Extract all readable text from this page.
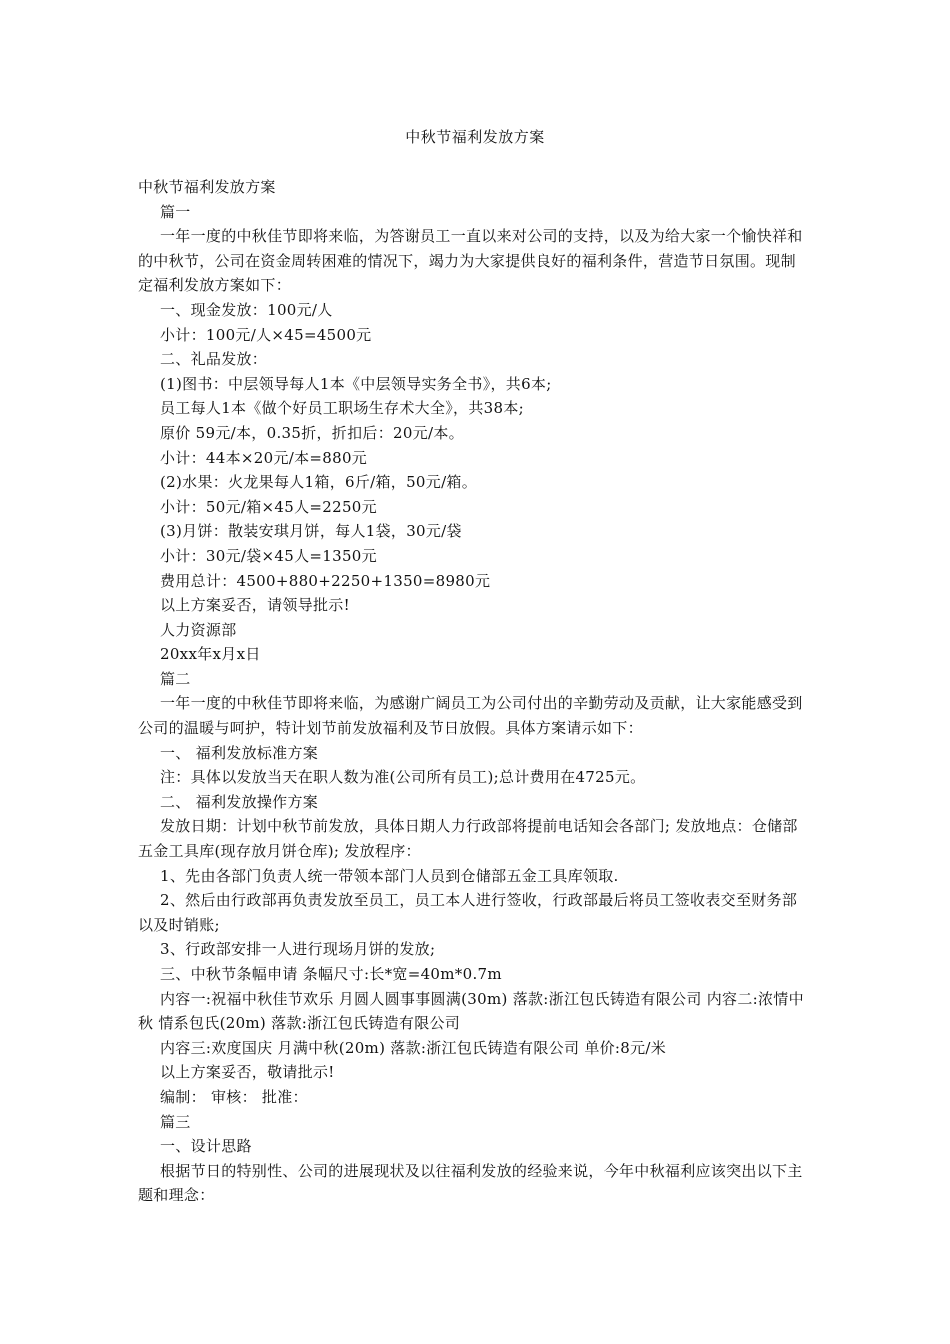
中秋节福利发放方案

中秋节福利发放方案

篇一

一年一度的中秋佳节即将来临，为答谢员工一直以来对公司的支持，以及为给大家一个愉快祥和的中秋节，公司在资金周转困难的情况下，竭力为大家提供良好的福利条件，营造节日氛围。现制定福利发放方案如下：

一、现金发放：100元/人

小计：100元/人×45=4500元

二、礼品发放：

(1)图书：中层领导每人1本《中层领导实务全书》，共6本;

员工每人1本《做个好员工职场生存术大全》，共38本;

原价 59元/本，0.35折，折扣后：20元/本。

小计：44本×20元/本=880元

(2)水果：火龙果每人1箱，6斤/箱，50元/箱。

小计：50元/箱×45人=2250元

(3)月饼：散装安琪月饼，每人1袋，30元/袋

小计：30元/袋×45人=1350元

费用总计：4500+880+2250+1350=8980元

以上方案妥否，请领导批示!

人力资源部

20xx年x月x日

篇二

一年一度的中秋佳节即将来临，为感谢广阔员工为公司付出的辛勤劳动及贡献，让大家能感受到公司的温暖与呵护，特计划节前发放福利及节日放假。具体方案请示如下：

一、 福利发放标准方案

注：具体以发放当天在职人数为准(公司所有员工);总计费用在4725元。

二、 福利发放操作方案

发放日期：计划中秋节前发放，具体日期人力行政部将提前电话知会各部门; 发放地点：仓储部五金工具库(现存放月饼仓库); 发放程序：

1、先由各部门负责人统一带领本部门人员到仓储部五金工具库领取.

2、然后由行政部再负责发放至员工，员工本人进行签收，行政部最后将员工签收表交至财务部以及时销账;

3、行政部安排一人进行现场月饼的发放;

三、中秋节条幅申请 条幅尺寸:长*宽=40m*0.7m

内容一:祝福中秋佳节欢乐 月圆人圆事事圆满(30m) 落款:浙江包氏铸造有限公司 内容二:浓情中秋 情系包氏(20m) 落款:浙江包氏铸造有限公司

内容三:欢度国庆 月满中秋(20m) 落款:浙江包氏铸造有限公司 单价:8元/米

以上方案妥否，敬请批示!

编制： 审核： 批准：

篇三

一、设计思路

根据节日的特别性、公司的进展现状及以往福利发放的经验来说，今年中秋福利应该突出以下主题和理念：
